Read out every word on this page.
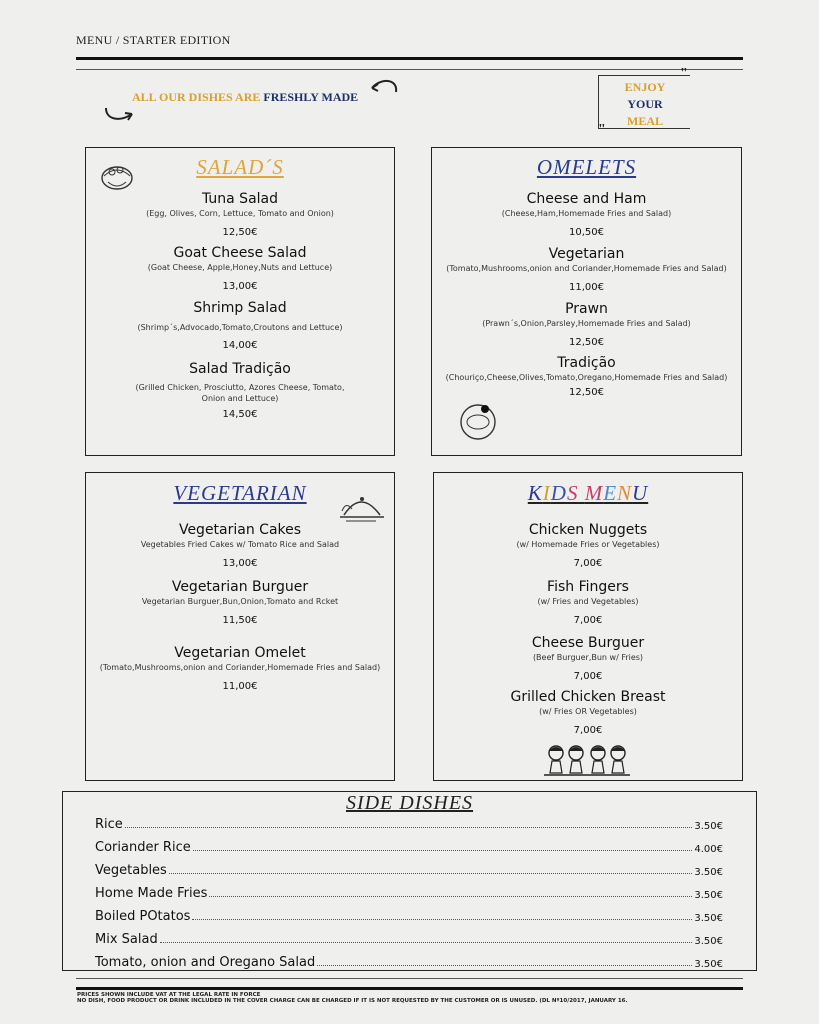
MENU / STARTER EDITION
ALL OUR DISHES ARE FRESHLY MADE
ENJOY
YOUR
MEAL
"
"
SALAD´S
Tuna Salad
(Egg, Olives, Corn, Lettuce, Tomato and Onion)
12,50€
Goat Cheese Salad
(Goat Cheese, Apple,Honey,Nuts and Lettuce)
13,00€
Shrimp Salad
(Shrimp´s,Advocado,Tomato,Croutons and Lettuce)
14,00€
Salad Tradição
(Grilled Chicken, Prosciutto, Azores Cheese, Tomato,
Onion and Lettuce)
14,50€
OMELETS
Cheese and Ham
(Cheese,Ham,Homemade Fries and Salad)
10,50€
Vegetarian
(Tomato,Mushrooms,onion and Coriander,Homemade Fries and Salad)
11,00€
Prawn
(Prawn´s,Onion,Parsley,Homemade Fries and Salad)
12,50€
Tradição
(Chouriço,Cheese,Olives,Tomato,Oregano,Homemade Fries and Salad)
12,50€
VEGETARIAN
Vegetarian Cakes
Vegetables Fried Cakes w/ Tomato Rice and Salad
13,00€
Vegetarian Burguer
Vegetarian Burguer,Bun,Onion,Tomato and Rcket
11,50€
Vegetarian Omelet
(Tomato,Mushrooms,onion and Coriander,Homemade Fries and Salad)
11,00€
KIDS MENU
Chicken Nuggets
(w/ Homemade Fries or Vegetables)
7,00€
Fish Fingers
(w/ Fries and Vegetables)
7,00€
Cheese Burguer
(Beef Burguer,Bun w/ Fries)
7,00€
Grilled Chicken Breast
(w/ Fries OR Vegetables)
7,00€
SIDE DISHES
Rice	3.50€
Coriander Rice	4.00€
Vegetables	3.50€
Home Made Fries	3.50€
Boiled POtatos	3.50€
Mix Salad	3.50€
Tomato, onion and Oregano Salad	3.50€
PRICES SHOWN INCLUDE VAT AT THE LEGAL RATE IN FORCE
NO DISH, FOOD PRODUCT OR DRINK INCLUDED IN THE COVER CHARGE CAN BE CHARGED IF IT IS NOT REQUESTED BY THE CUSTOMER OR IS UNUSED. (DL Nº10/2017, JANUARY 16.
